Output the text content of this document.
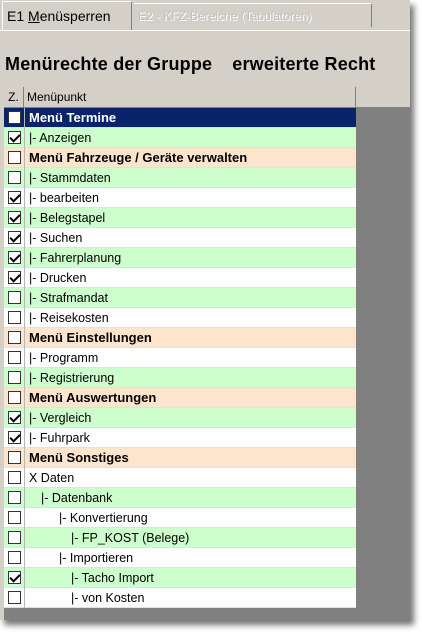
E1 Menüsperren	E2 - KFZ-Bereiche (Tabulatoren)
Menürechte der Gruppe erweiterte Recht
Z. Menüpunkt
Menü Termine
|- Anzeigen
Menü Fahrzeuge / Geräte verwalten
|- Stammdaten
|- bearbeiten
|- Belegstapel
|- Suchen
|- Fahrerplanung
|- Drucken
|- Strafmandat
|- Reisekosten
Menü Einstellungen
|- Programm
|- Registrierung
Menü Auswertungen
|- Vergleich
|- Fuhrpark
Menü Sonstiges
X Daten
|- Datenbank
|- Konvertierung
|- FP_KOST (Belege)
|- Importieren
|- Tacho Import
|- von Kosten
